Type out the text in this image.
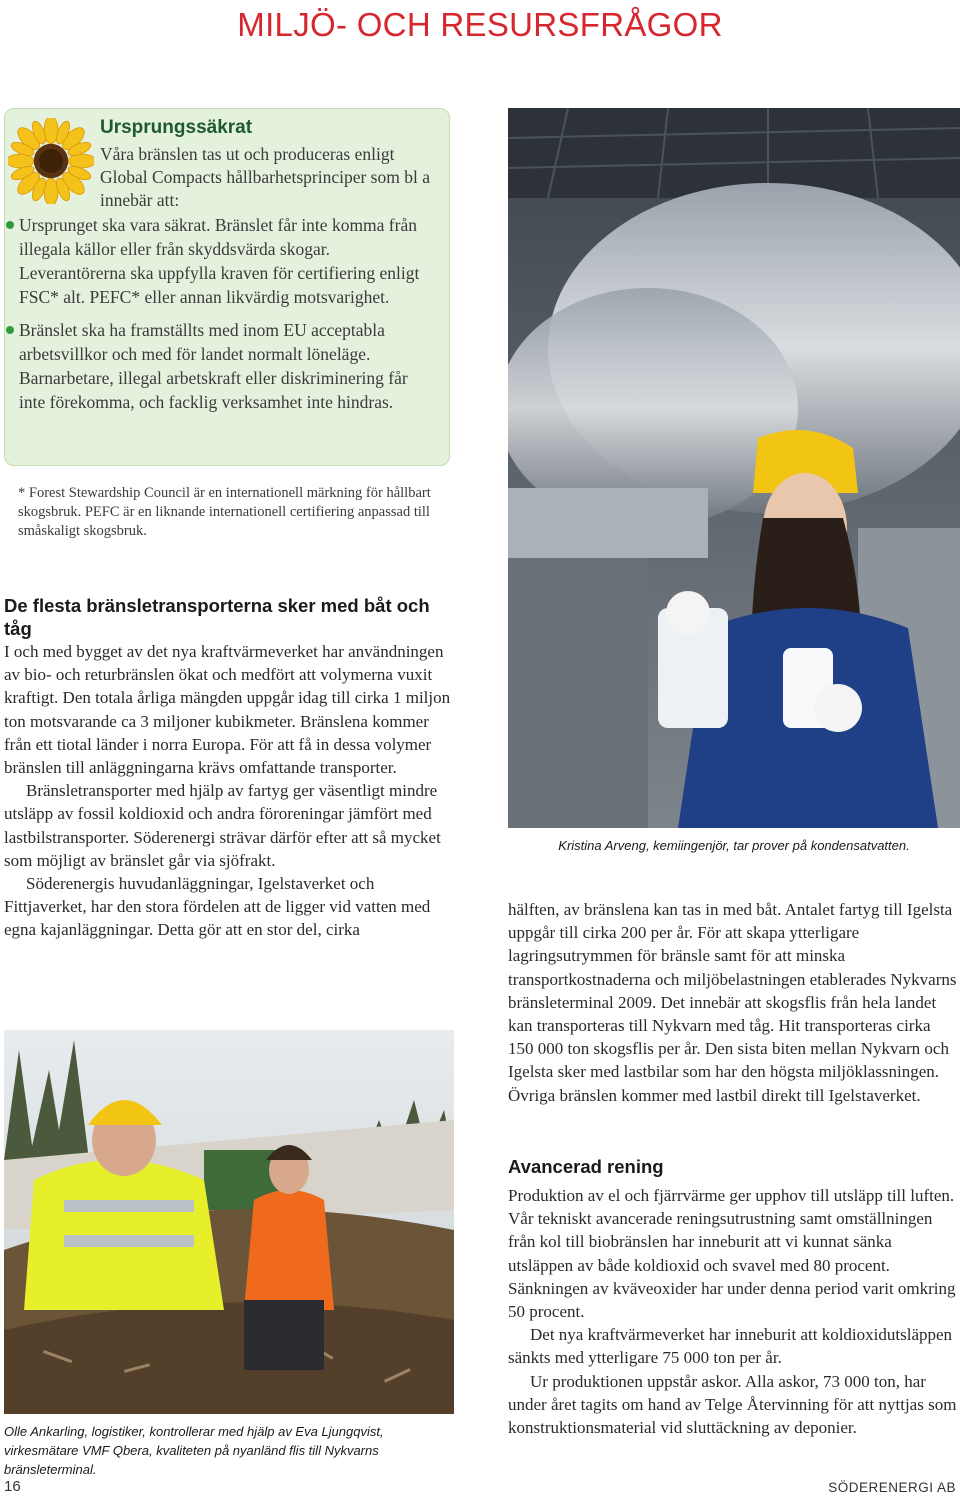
MILJÖ- OCH RESURSFRÅGOR
Ursprungssäkrat

Våra bränslen tas ut och produceras enligt Global Compacts hållbarhetsprinciper som bl a innebär att:

Ursprunget ska vara säkrat. Bränslet får inte komma från illegala källor eller från skyddsvärda skogar. Leverantörerna ska uppfylla kraven för certifiering enligt FSC* alt. PEFC* eller annan likvärdig motsvarighet.
Bränslet ska ha framställts med inom EU acceptabla arbetsvillkor och med för landet normalt löneläge. Barnarbetare, illegal arbetskraft eller diskriminering får inte förekomma, och facklig verksamhet inte hindras.

* Forest Stewardship Council är en internationell märkning för hållbart skogsbruk. PEFC är en liknande internationell certifiering anpassad till småskaligt skogsbruk.

De flesta bränsletransporterna sker med båt och tåg
I och med bygget av det nya kraftvärmeverket har användningen av bio- och returbränslen ökat och medfört att volymerna vuxit kraftigt. Den totala årliga mängden uppgår idag till cirka 1 miljon ton motsvarande ca 3 miljoner kubikmeter. Bränslena kommer från ett tiotal länder i norra Europa. För att få in dessa volymer bränslen till anläggningarna krävs omfattande transporter.
Bränsletransporter med hjälp av fartyg ger väsentligt mindre utsläpp av fossil koldioxid och andra föroreningar jämfört med lastbilstransporter. Söderenergi strävar därför efter att så mycket som möjligt av bränslet går via sjöfrakt.
Söderenergis huvudanläggningar, Igelstaverket och Fittjaverket, har den stora fördelen att de ligger vid vatten med egna kajanläggningar. Detta gör att en stor del, cirka

Kristina Arveng, kemiingenjör, tar prover på kondensatvatten.

hälften, av bränslena kan tas in med båt. Antalet fartyg till Igelsta uppgår till cirka 200 per år. För att skapa ytterligare lagringsutrymmen för bränsle samt för att minska transportkostnaderna och miljöbelastningen etablerades Nykvarns bränsleterminal 2009. Det innebär att skogsflis från hela landet kan transporteras till Nykvarn med tåg. Hit transporteras cirka 150 000 ton skogsflis per år. Den sista biten mellan Nykvarn och Igelsta sker med lastbilar som har den högsta miljöklassningen. Övriga bränslen kommer med lastbil direkt till Igelstaverket.
Avancerad rening
Produktion av el och fjärrvärme ger upphov till utsläpp till luften. Vår tekniskt avancerade reningsutrustning samt omställningen från kol till biobränslen har inneburit att vi kunnat sänka utsläppen av både koldioxid och svavel med 80 procent. Sänkningen av kväveoxider har under denna period varit omkring 50 procent.
Det nya kraftvärmeverket har inneburit att koldioxidutsläppen sänkts med ytterligare 75 000 ton per år.
Ur produktionen uppstår askor. Alla askor, 73 000 ton, har under året tagits om hand av Telge Återvinning för att nyttjas som konstruktionsmaterial vid sluttäckning av deponier.

Olle Ankarling, logistiker, kontrollerar med hjälp av Eva Ljungqvist, virkesmätare VMF Qbera, kvaliteten på nyanländ flis till Nykvarns bränsleterminal.

16	SÖDERENERGI AB
